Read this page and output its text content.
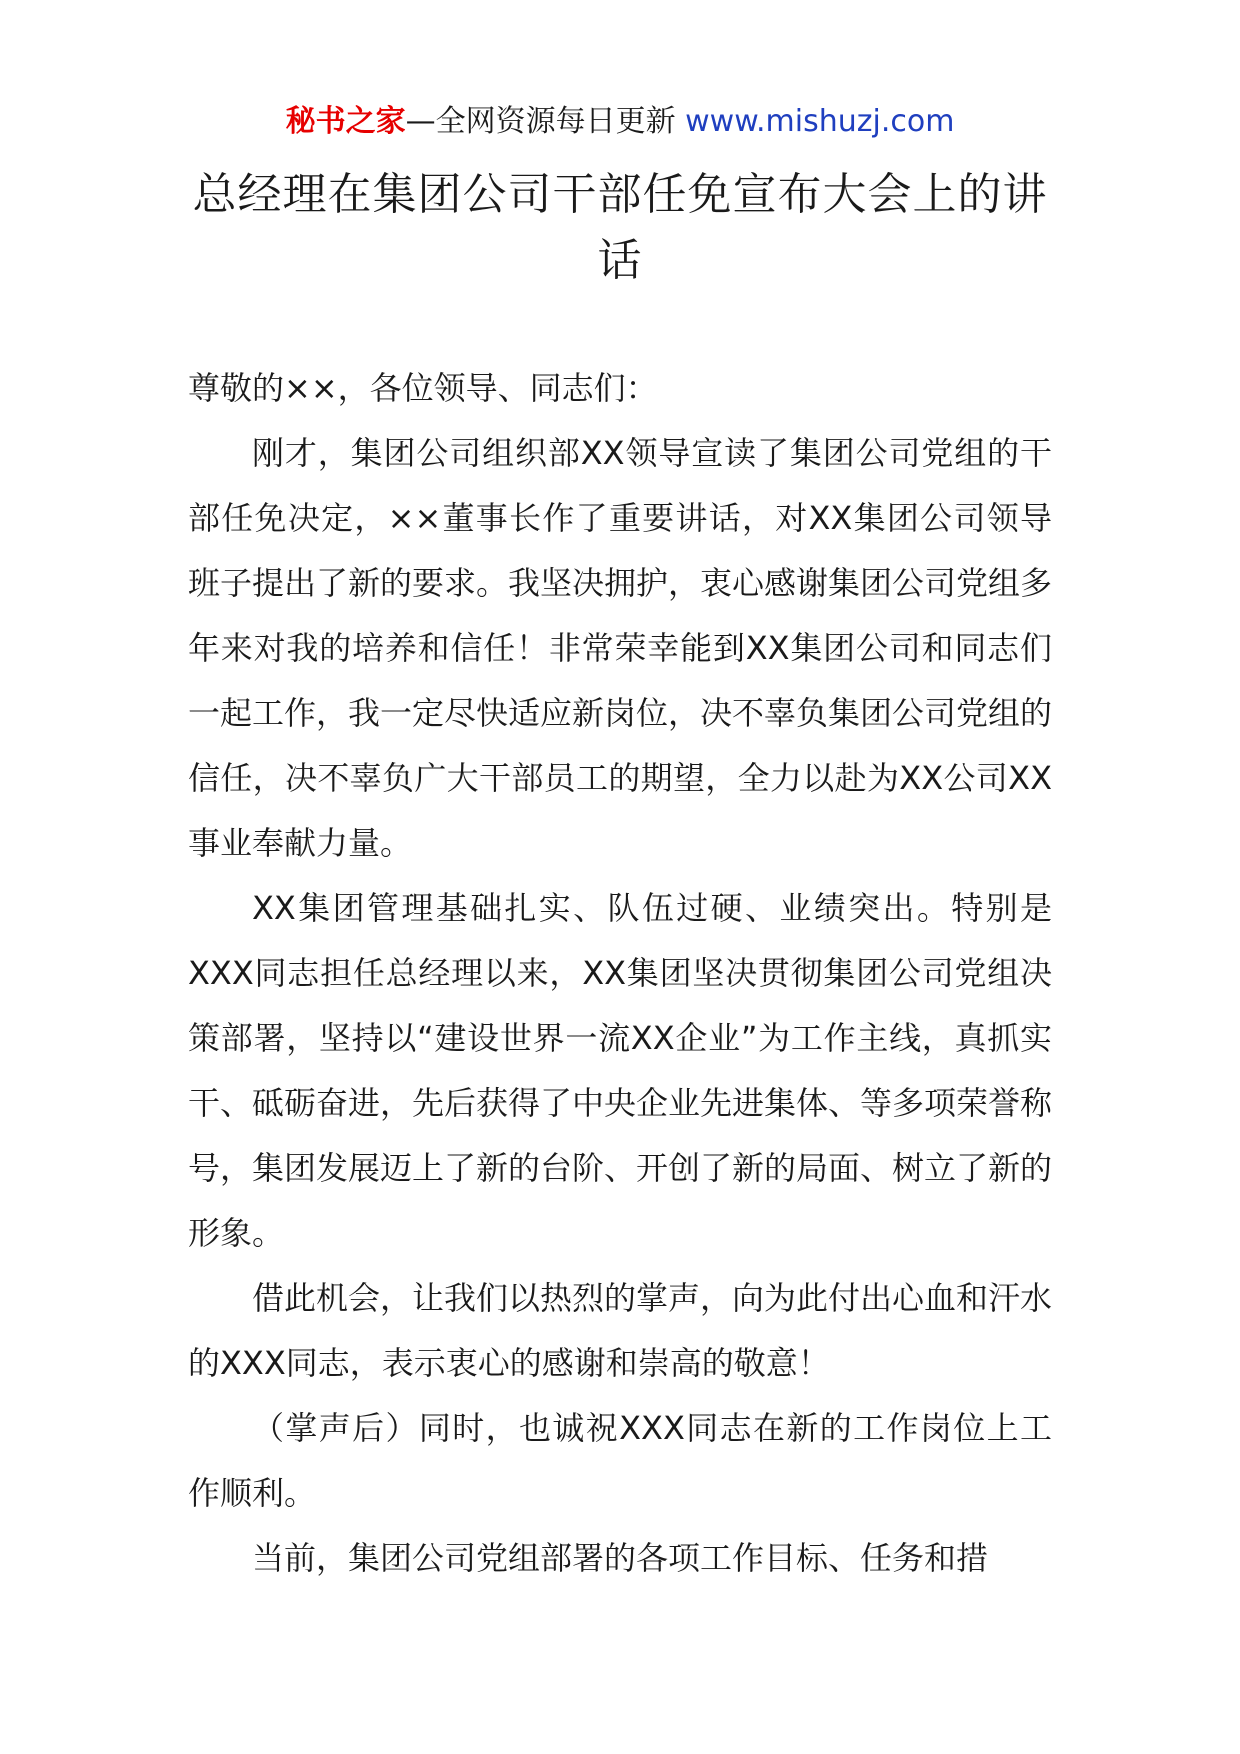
秘书之家—全网资源每日更新 www.mishuzj.com
总经理在集团公司干部任免宣布大会上的讲话

尊敬的××，各位领导、同志们：

刚才，集团公司组织部XX领导宣读了集团公司党组的干部任免决定，××董事长作了重要讲话，对XX集团公司领导班子提出了新的要求。我坚决拥护，衷心感谢集团公司党组多年来对我的培养和信任！非常荣幸能到XX集团公司和同志们一起工作，我一定尽快适应新岗位，决不辜负集团公司党组的信任，决不辜负广大干部员工的期望，全力以赴为XX公司XX事业奉献力量。

XX集团管理基础扎实、队伍过硬、业绩突出。特别是XXX同志担任总经理以来，XX集团坚决贯彻集团公司党组决策部署，坚持以“建设世界一流XX企业”为工作主线，真抓实干、砥砺奋进，先后获得了中央企业先进集体、等多项荣誉称号，集团发展迈上了新的台阶、开创了新的局面、树立了新的形象。

借此机会，让我们以热烈的掌声，向为此付出心血和汗水的XXX同志，表示衷心的感谢和崇高的敬意！

（掌声后）同时，也诚祝XXX同志在新的工作岗位上工作顺利。

当前，集团公司党组部署的各项工作目标、任务和措
